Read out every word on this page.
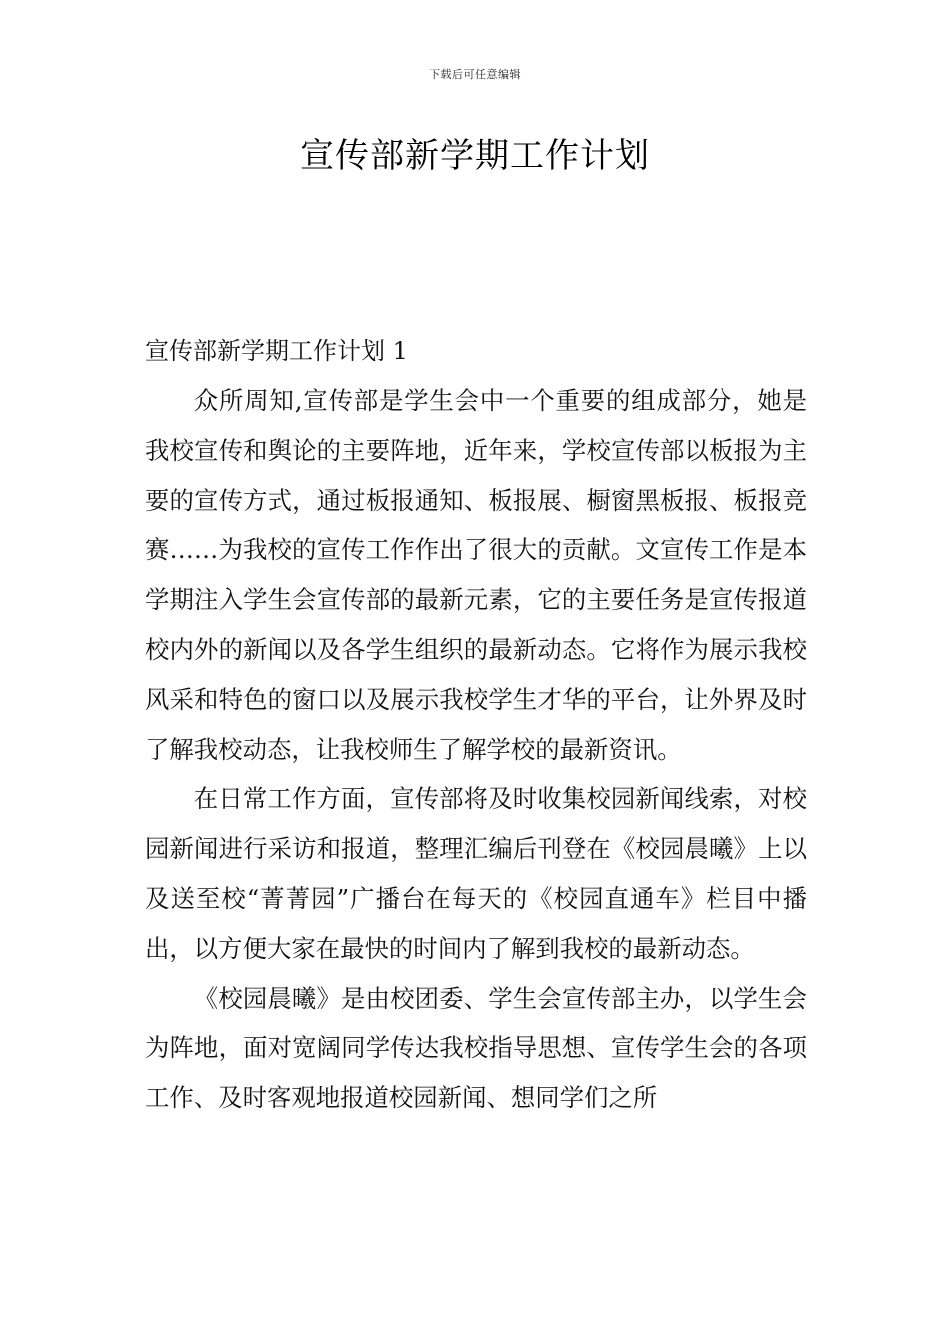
下载后可任意编辑
宣传部新学期工作计划

宣传部新学期工作计划 1

众所周知,宣传部是学生会中一个重要的组成部分，她是我校宣传和舆论的主要阵地，近年来，学校宣传部以板报为主要的宣传方式，通过板报通知、板报展、橱窗黑板报、板报竞赛……为我校的宣传工作作出了很大的贡献。文宣传工作是本学期注入学生会宣传部的最新元素，它的主要任务是宣传报道校内外的新闻以及各学生组织的最新动态。它将作为展示我校风采和特色的窗口以及展示我校学生才华的平台，让外界及时了解我校动态，让我校师生了解学校的最新资讯。

在日常工作方面，宣传部将及时收集校园新闻线索，对校园新闻进行采访和报道，整理汇编后刊登在《校园晨曦》上以及送至校“菁菁园”广播台在每天的《校园直通车》栏目中播出，以方便大家在最快的时间内了解到我校的最新动态。

《校园晨曦》是由校团委、学生会宣传部主办，以学生会为阵地，面对宽阔同学传达我校指导思想、宣传学生会的各项工作、及时客观地报道校园新闻、想同学们之所
